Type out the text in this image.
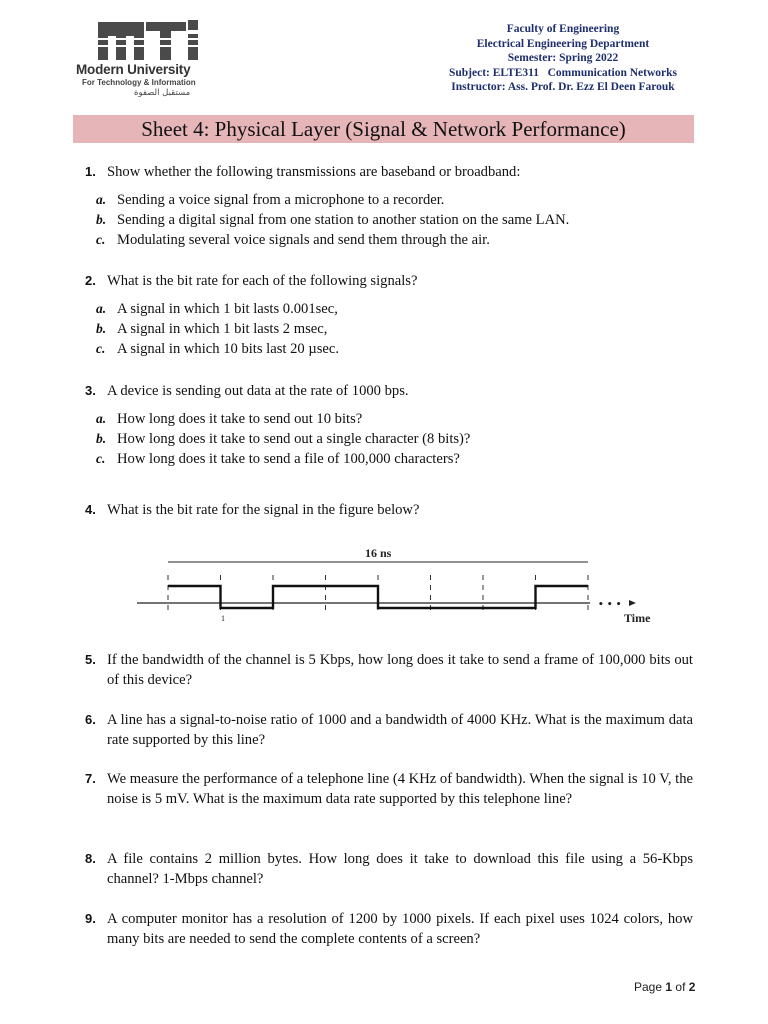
Modern University
For Technology & Information
مستقبل الصفوة
Faculty of Engineering
Electrical Engineering Department
Semester: Spring 2022
Subject: ELTE311   Communication Networks
Instructor: Ass. Prof. Dr. Ezz El Deen Farouk
Sheet 4: Physical Layer (Signal & Network Performance)
1. Show whether the following transmissions are baseband or broadband:
a. Sending a voice signal from a microphone to a recorder.
b. Sending a digital signal from one station to another station on the same LAN.
c. Modulating several voice signals and send them through the air.
2. What is the bit rate for each of the following signals?
a. A signal in which 1 bit lasts 0.001sec,
b. A signal in which 1 bit lasts 2 msec,
c. A signal in which 10 bits last 20 µsec.
3. A device is sending out data at the rate of 1000 bps.
a. How long does it take to send out 10 bits?
b. How long does it take to send out a single character (8 bits)?
c. How long does it take to send a file of 100,000 characters?
4. What is the bit rate for the signal in the figure below?
16 ns
• • •
Time
1
5. If the bandwidth of the channel is 5 Kbps, how long does it take to send a frame of 100,000 bits out of this device?
6. A line has a signal-to-noise ratio of 1000 and a bandwidth of 4000 KHz. What is the maximum data rate supported by this line?
7. We measure the performance of a telephone line (4 KHz of bandwidth). When the signal is 10 V, the noise is 5 mV. What is the maximum data rate supported by this telephone line?
8. A file contains 2 million bytes. How long does it take to download this file using a 56-Kbps channel? 1-Mbps channel?
9. A computer monitor has a resolution of 1200 by 1000 pixels. If each pixel uses 1024 colors, how many bits are needed to send the complete contents of a screen?
Page 1 of 2
